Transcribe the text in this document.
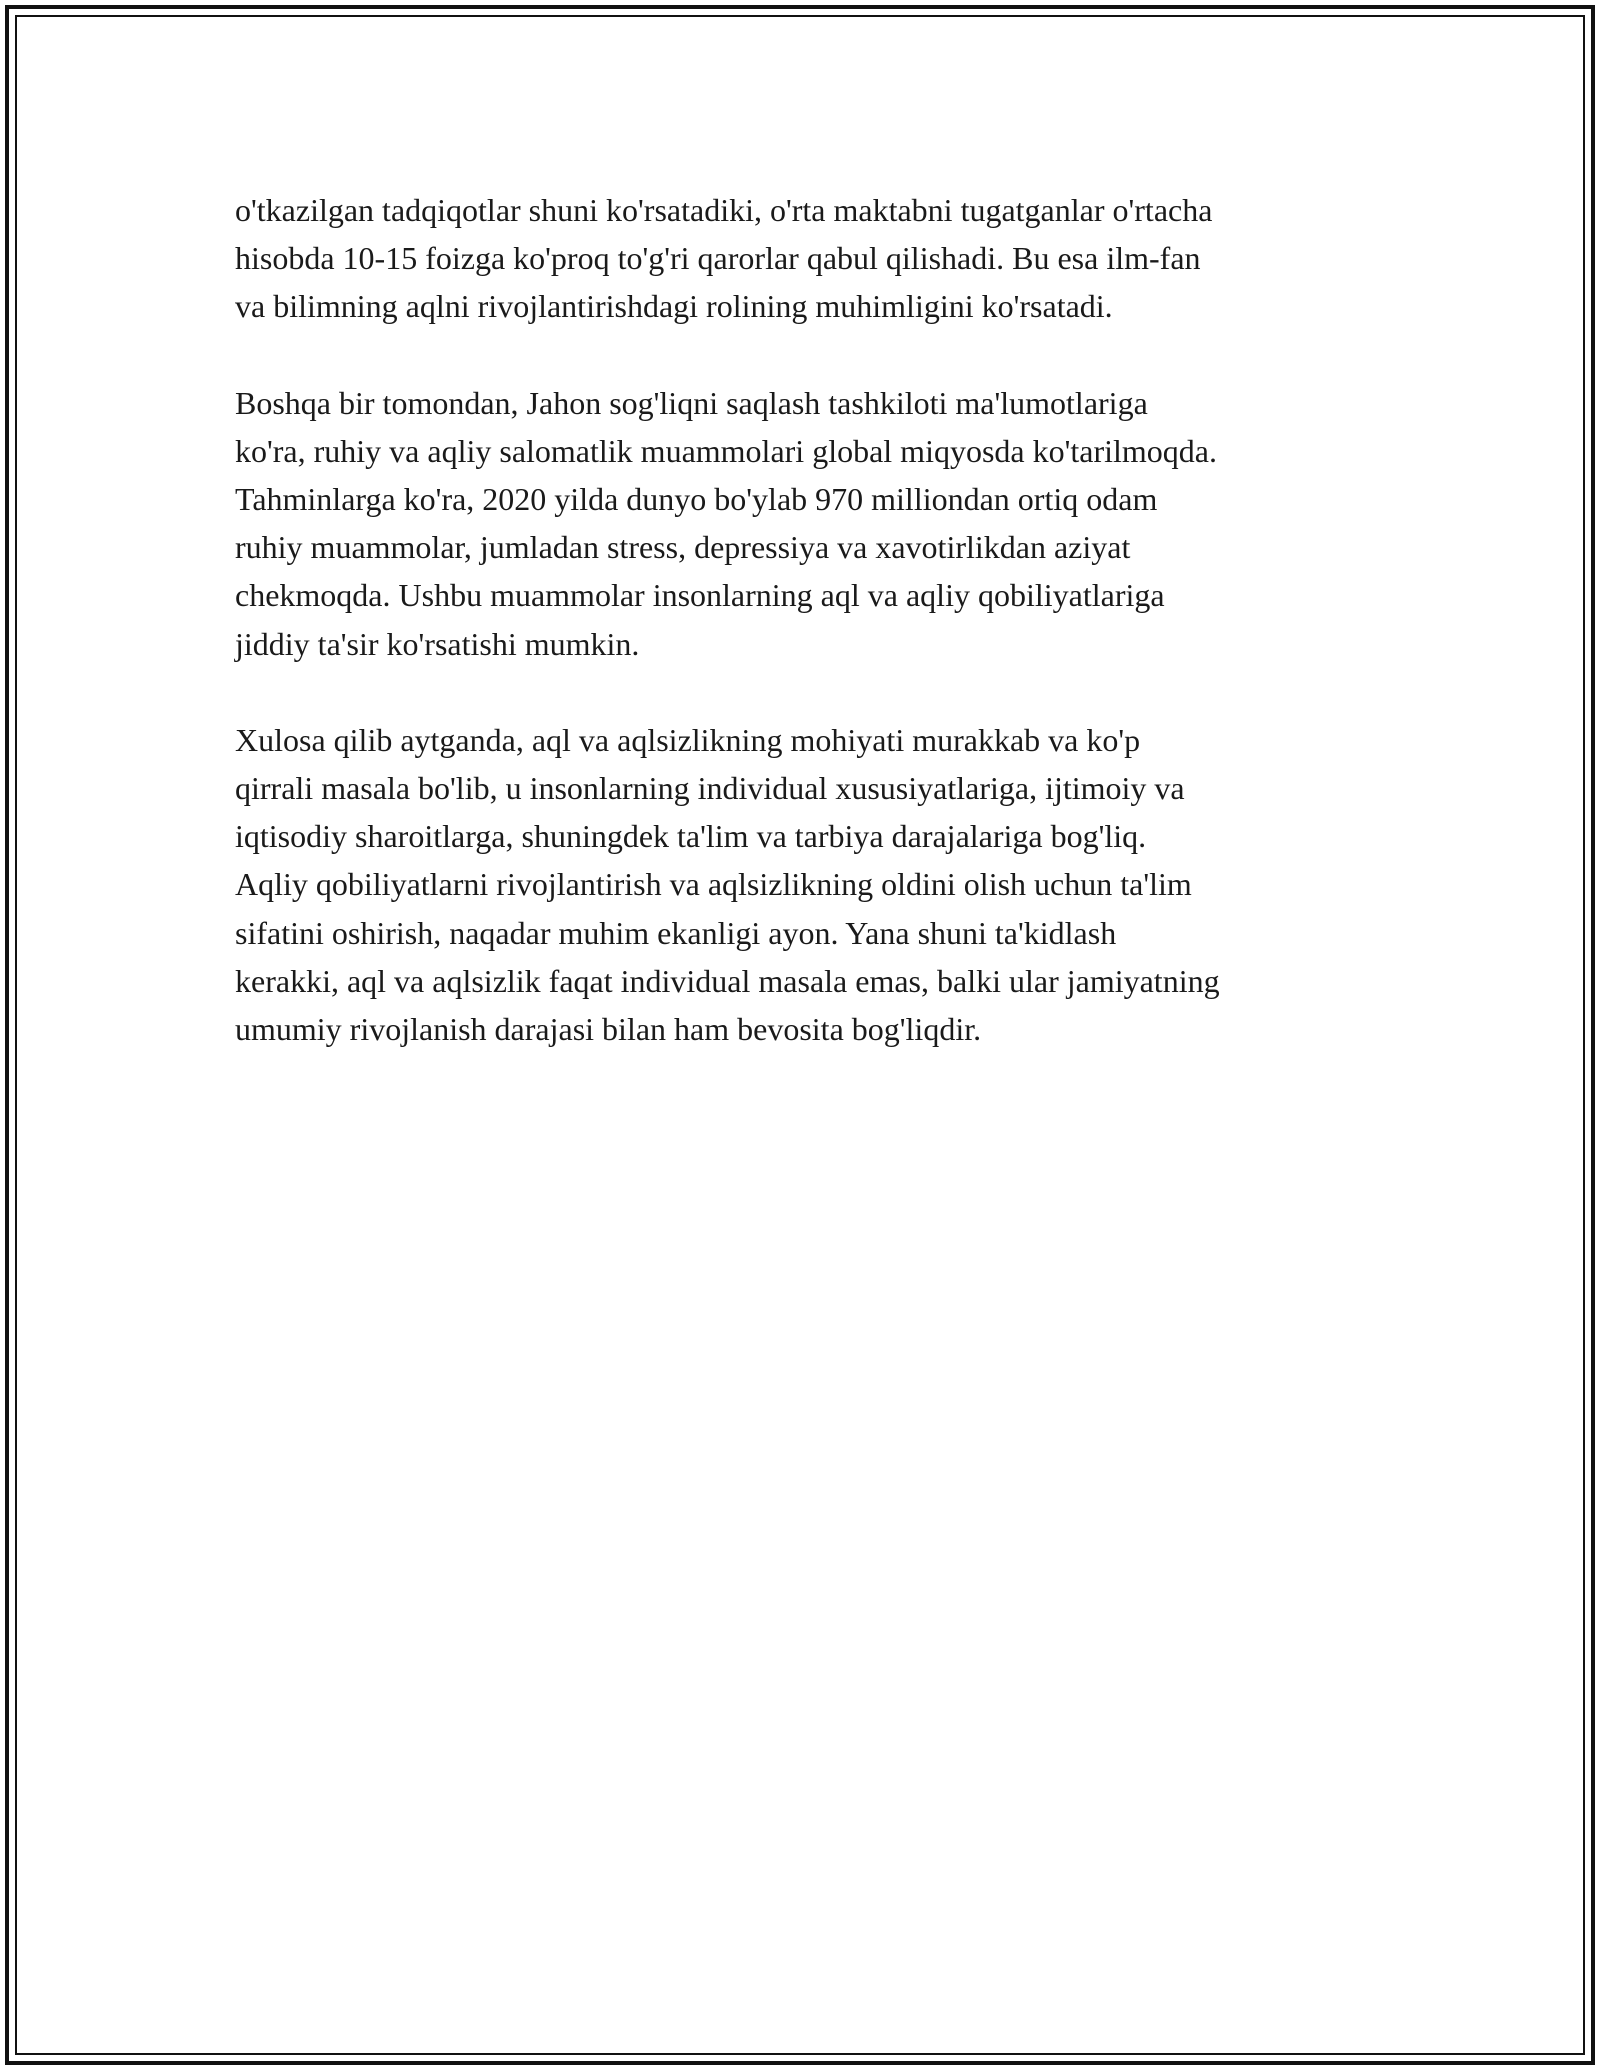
o'tkazilgan tadqiqotlar shuni ko'rsatadiki, o'rta maktabni tugatganlar o'rtacha
hisobda 10-15 foizga ko'proq to'g'ri qarorlar qabul qilishadi. Bu esa ilm-fan
va bilimning aqlni rivojlantirishdagi rolining muhimligini ko'rsatadi.
Boshqa bir tomondan, Jahon sog'liqni saqlash tashkiloti ma'lumotlariga
ko'ra, ruhiy va aqliy salomatlik muammolari global miqyosda ko'tarilmoqda.
Tahminlarga ko'ra, 2020 yilda dunyo bo'ylab 970 milliondan ortiq odam
ruhiy muammolar, jumladan stress, depressiya va xavotirlikdan aziyat
chekmoqda. Ushbu muammolar insonlarning aql va aqliy qobiliyatlariga
jiddiy ta'sir ko'rsatishi mumkin.
Xulosa qilib aytganda, aql va aqlsizlikning mohiyati murakkab va ko'p
qirrali masala bo'lib, u insonlarning individual xususiyatlariga, ijtimoiy va
iqtisodiy sharoitlarga, shuningdek ta'lim va tarbiya darajalariga bog'liq.
Aqliy qobiliyatlarni rivojlantirish va aqlsizlikning oldini olish uchun ta'lim
sifatini oshirish, naqadar muhim ekanligi ayon. Yana shuni ta'kidlash
kerakki, aql va aqlsizlik faqat individual masala emas, balki ular jamiyatning
umumiy rivojlanish darajasi bilan ham bevosita bog'liqdir.
